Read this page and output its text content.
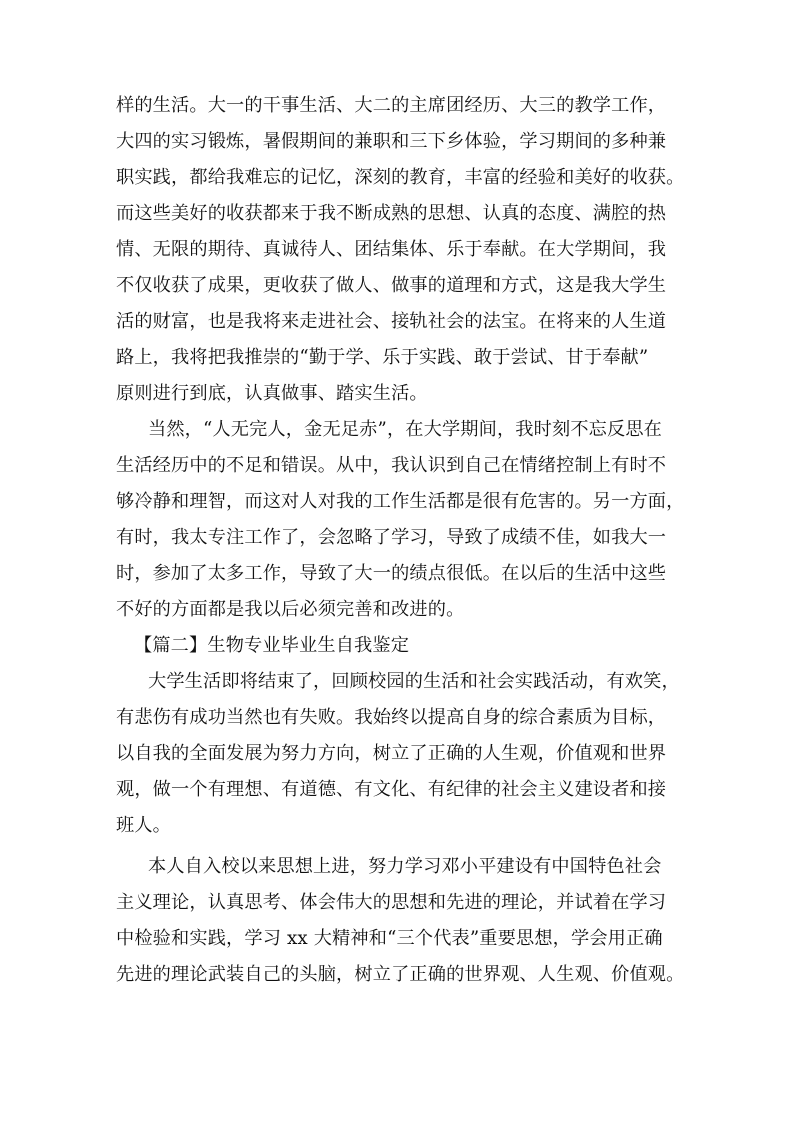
样的生活。大一的干事生活、大二的主席团经历、大三的教学工作，
大四的实习锻炼，暑假期间的兼职和三下乡体验，学习期间的多种兼
职实践，都给我难忘的记忆，深刻的教育，丰富的经验和美好的收获。
而这些美好的收获都来于我不断成熟的思想、认真的态度、满腔的热
情、无限的期待、真诚待人、团结集体、乐于奉献。在大学期间，我
不仅收获了成果，更收获了做人、做事的道理和方式，这是我大学生
活的财富，也是我将来走进社会、接轨社会的法宝。在将来的人生道
路上，我将把我推崇的“勤于学、乐于实践、敢于尝试、甘于奉献”
原则进行到底，认真做事、踏实生活。
当然，“人无完人，金无足赤”，在大学期间，我时刻不忘反思在
生活经历中的不足和错误。从中，我认识到自己在情绪控制上有时不
够冷静和理智，而这对人对我的工作生活都是很有危害的。另一方面，
有时，我太专注工作了，会忽略了学习，导致了成绩不佳，如我大一
时，参加了太多工作，导致了大一的绩点很低。在以后的生活中这些
不好的方面都是我以后必须完善和改进的。
【篇二】生物专业毕业生自我鉴定
大学生活即将结束了，回顾校园的生活和社会实践活动，有欢笑，
有悲伤有成功当然也有失败。我始终以提高自身的综合素质为目标，
以自我的全面发展为努力方向，树立了正确的人生观，价值观和世界
观，做一个有理想、有道德、有文化、有纪律的社会主义建设者和接
班人。
本人自入校以来思想上进，努力学习邓小平建设有中国特色社会
主义理论，认真思考、体会伟大的思想和先进的理论，并试着在学习
中检验和实践，学习 xx 大精神和“三个代表”重要思想，学会用正确
先进的理论武装自己的头脑，树立了正确的世界观、人生观、价值观。
